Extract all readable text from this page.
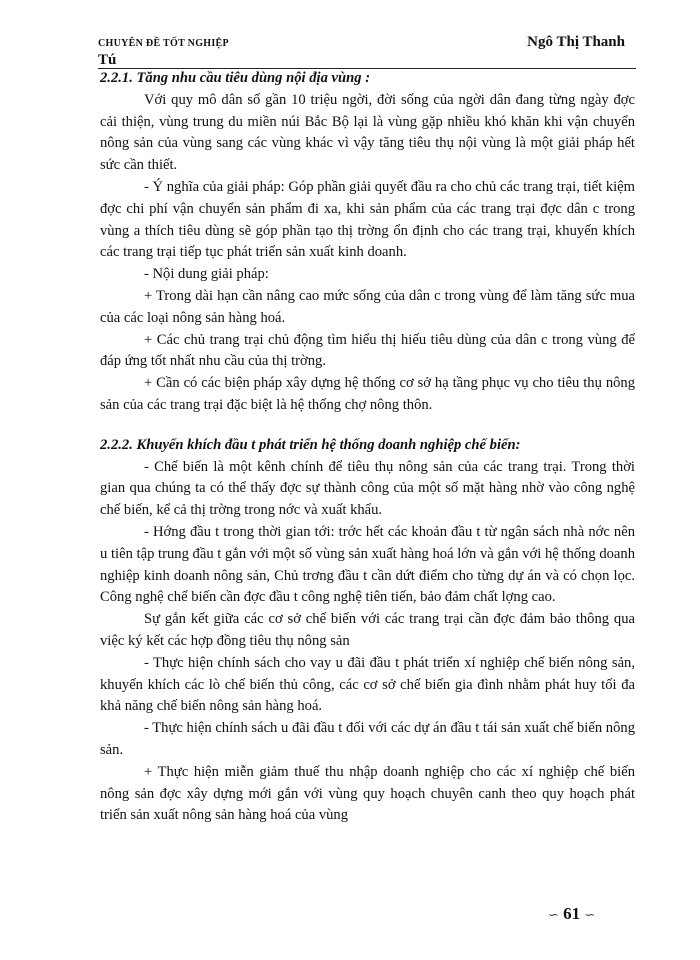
CHUYÊN ĐỀ TỐT NGHIỆP
Tú
Ngô Thị Thanh

2.2.1. Tăng nhu cầu tiêu dùng nội địa vùng :

Với quy mô dân số gần 10 triệu ngời, đời sống của ngời dân đang từng ngày đợc cải thiện, vùng trung du miền núi Bắc Bộ lại là vùng gặp nhiều khó khăn khi vận chuyển nông sản của vùng sang các vùng khác vì vậy tăng tiêu thụ nội vùng là một giải pháp hết sức cần thiết.

- Ý nghĩa của giải pháp: Góp phần giải quyết đầu ra cho chủ các trang trại, tiết kiệm đợc chi phí vận chuyển sản phẩm đi xa, khi sản phẩm của các trang trại đợc dân c trong vùng a thích tiêu dùng sẽ góp phần tạo thị trờng ổn định cho các trang trại, khuyến khích các trang trại tiếp tục phát triển sản xuất kinh doanh.

- Nội dung giải pháp:

+ Trong dài hạn cần nâng cao mức sống của dân c trong vùng để làm tăng sức mua của các loại nông sản hàng hoá.

+ Các chủ trang trại chủ động tìm hiểu thị hiếu tiêu dùng của dân c trong vùng để đáp ứng tốt nhất nhu cầu của thị trờng.

+ Cần có các biện pháp xây dựng hệ thống cơ sở hạ tầng phục vụ cho tiêu thụ nông sản của các trang trại đặc biệt là hệ thống chợ nông thôn.

2.2.2. Khuyến khích đầu t phát triển hệ thống doanh nghiệp chế biến:

- Chế biến là một kênh chính để tiêu thụ nông sản của các trang trại. Trong thời gian qua chúng ta có thể thấy đợc sự thành công của một số mặt hàng nhờ vào công nghệ chế biến, kể cả thị trờng trong nớc và xuất khẩu.

- Hớng đầu t trong thời gian tới: trớc hết các khoản đầu t từ ngân sách nhà nớc nên u tiên tập trung đầu t gắn với một số vùng sản xuất hàng hoá lớn và gắn với hệ thống doanh nghiệp kinh doanh nông sản, Chủ trơng đầu t cần dứt điểm cho từng dự án và có chọn lọc. Công nghệ chế biến cần đợc đầu t công nghệ tiên tiến, bảo đảm chất lợng cao.

Sự gắn kết giữa các cơ sở chế biến với các trang trại cần đợc đảm bảo thông qua việc ký kết các hợp đồng tiêu thụ nông sản

- Thực hiện chính sách cho vay u đãi đầu t phát triển xí nghiệp chế biến nông sản, khuyến khích các lò chế biến thủ công, các cơ sở chế biến gia đình nhằm phát huy tối đa khả năng chế biến nông sản hàng hoá.

- Thực hiện chính sách u đãi đầu t đối với các dự án đầu t tái sản xuất chế biến nông sản.

+ Thực hiện miễn giảm thuế thu nhập doanh nghiệp cho các xí nghiệp chế biến nông sản đợc xây dựng mới gắn với vùng quy hoạch chuyên canh theo quy hoạch phát triển sản xuất nông sản hàng hoá của vùng

∽ 61 ∽
